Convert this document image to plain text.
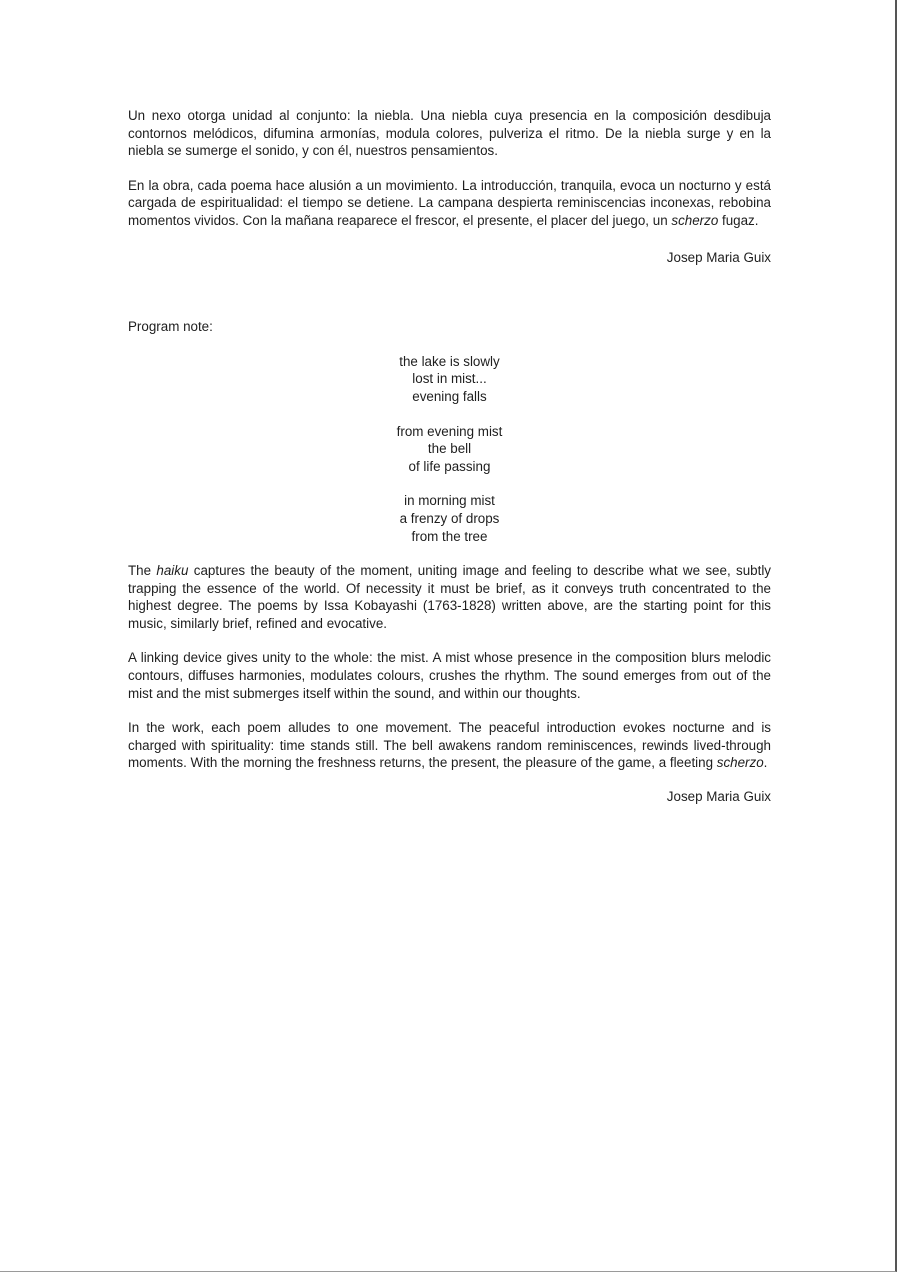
Un nexo otorga unidad al conjunto: la niebla. Una niebla cuya presencia en la composición desdibuja contornos melódicos, difumina armonías, modula colores, pulveriza el ritmo. De la niebla surge y en la niebla se sumerge el sonido, y con él, nuestros pensamientos.

En la obra, cada poema hace alusión a un movimiento. La introducción, tranquila, evoca un nocturno y está cargada de espiritualidad: el tiempo se detiene. La campana despierta reminiscencias inconexas, rebobina momentos vividos. Con la mañana reaparece el frescor, el presente, el placer del juego, un scherzo fugaz.

Josep Maria Guix

Program note:

the lake is slowly
lost in mist...
evening falls
from evening mist
the bell
of life passing
in morning mist
a frenzy of drops
from the tree

The haiku captures the beauty of the moment, uniting image and feeling to describe what we see, subtly trapping the essence of the world. Of necessity it must be brief, as it conveys truth concentrated to the highest degree. The poems by Issa Kobayashi (1763-1828) written above, are the starting point for this music, similarly brief, refined and evocative.

A linking device gives unity to the whole: the mist. A mist whose presence in the composition blurs melodic contours, diffuses harmonies, modulates colours, crushes the rhythm. The sound emerges from out of the mist and the mist submerges itself within the sound, and within our thoughts.

In the work, each poem alludes to one movement. The peaceful introduction evokes nocturne and is charged with spirituality: time stands still. The bell awakens random reminiscences, rewinds lived-through moments. With the morning the freshness returns, the present, the pleasure of the game, a fleeting scherzo.

Josep Maria Guix
